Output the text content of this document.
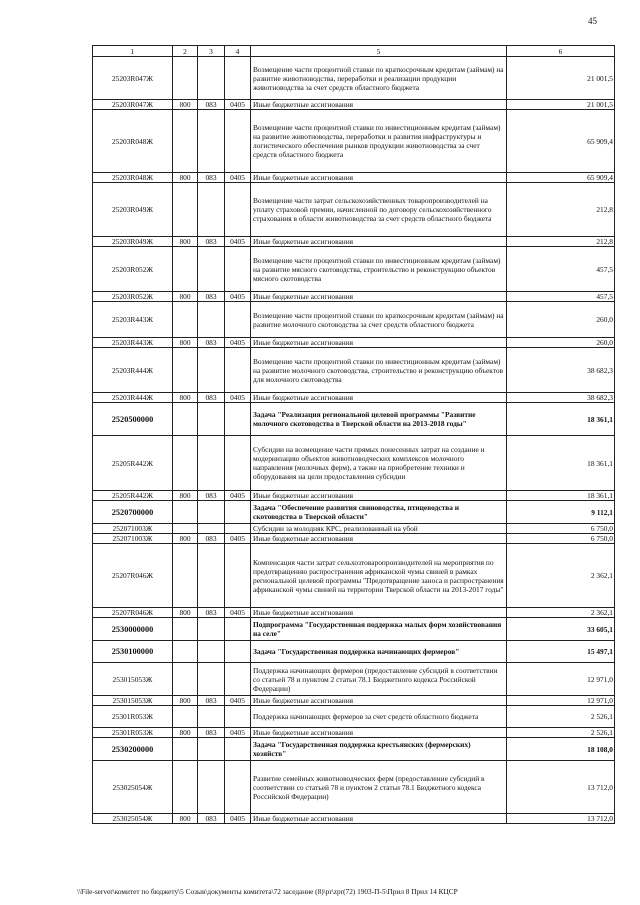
45
1	2	3	4	5	6
25203R047Ж				Возмещение части процентной ставки по краткосрочным кредитам (займам) на развитие животноводства, переработки и реализации продукции животноводства за счет средств областного бюджета	21 001,5
25203R047Ж	800	083	0405	Иные бюджетные ассигнования	21 001,5
25203R048Ж				Возмещение части процентной ставки по инвестиционным кредитам (займам) на развитие животноводства, переработки и развития инфраструктуры и логистического обеспечения рынков продукции животноводства за счет средств областного бюджета	65 909,4
25203R048Ж	800	083	0405	Иные бюджетные ассигнования	65 909,4
25203R049Ж				Возмещение части затрат сельскохозяйственных товаропроизводителей на уплату страховой премии, начисленной по договору сельскохозяйственного страхования в области животноводства за счет средств областного бюджета	212,8
25203R049Ж	800	083	0405	Иные бюджетные ассигнования	212,8
25203R052Ж				Возмещение части процентной ставки по инвестиционным кредитам (займам) на развитие мясного скотоводства, строительство и реконструкцию объектов мясного скотоводства	457,5
25203R052Ж	800	083	0405	Иные бюджетные ассигнования	457,5
25203R443Ж				Возмещение части процентной ставки по краткосрочным кредитам (займам) на развитие молочного скотоводства за счет средств областного бюджета	260,0
25203R443Ж	800	083	0405	Иные бюджетные ассигнования	260,0
25203R444Ж				Возмещение части процентной ставки по инвестиционным кредитам (займам) на развитие молочного скотоводства, строительство и реконструкцию объектов для молочного скотоводства	38 682,3
25203R444Ж	800	083	0405	Иные бюджетные ассигнования	38 682,3
2520500000				Задача "Реализация региональной целевой программы "Развитие молочного скотоводства в Тверской области на 2013-2018 годы"	18 361,1
25205R442Ж				Субсидии на возмещение части прямых понесенных затрат на создание и модернизацию объектов животноводческих комплексов молочного направления (молочных ферм), а также на приобретение техники и оборудования на цели предоставления субсидии	18 361,1
25205R442Ж	800	083	0405	Иные бюджетные ассигнования	18 361,1
2520700000				Задача "Обеспечение развития свиноводства, птицеводства и скотоводства в Тверской области"	9 112,1
252071003Ж				Субсидии за молодняк КРС, реализованный на убой	6 750,0
252071003Ж	800	083	0405	Иные бюджетные ассигнования	6 750,0
25207R046Ж				Компенсация части затрат сельхозтоваропроизводителей на мероприятия по предотвращению распространения африканской чумы свиней в рамках региональной целевой программы "Предотвращение заноса и распространения африканской чумы свиней на территории Тверской области на 2013-2017 годы"	2 362,1
25207R046Ж	800	083	0405	Иные бюджетные ассигнования	2 362,1
2530000000				Подпрограмма "Государственная поддержка малых форм хозяйствования на селе"	33 605,1
2530100000				Задача "Государственная поддержка начинающих фермеров"	15 497,1
253015053Ж				Поддержка начинающих фермеров (предоставление субсидий в соответствии со статьей 78 и пунктом 2 статьи 78.1 Бюджетного кодекса Российской Федерации)	12 971,0
253015053Ж	800	083	0405	Иные бюджетные ассигнования	12 971,0
25301R053Ж				Поддержка начинающих фермеров за счет средств областного бюджета	2 526,1
25301R053Ж	800	083	0405	Иные бюджетные ассигнования	2 526,1
2530200000				Задача "Государственная поддержка крестьянских (фермерских) хозяйств"	18 108,0
253025054Ж				Развитие семейных животноводческих ферм (предоставление субсидий в соответствии со статьей 78 и пунктом 2 статьи 78.1 Бюджетного кодекса Российской Федерации)	13 712,0
253025054Ж	800	083	0405	Иные бюджетные ассигнования	13 712,0
\\File-server\комитет по бюджету\5 Созыв\документы комитета\72 заседание (8)\pr\zpr(72) 1903-П-5\Прил 8 Прил 14 КЦСР
